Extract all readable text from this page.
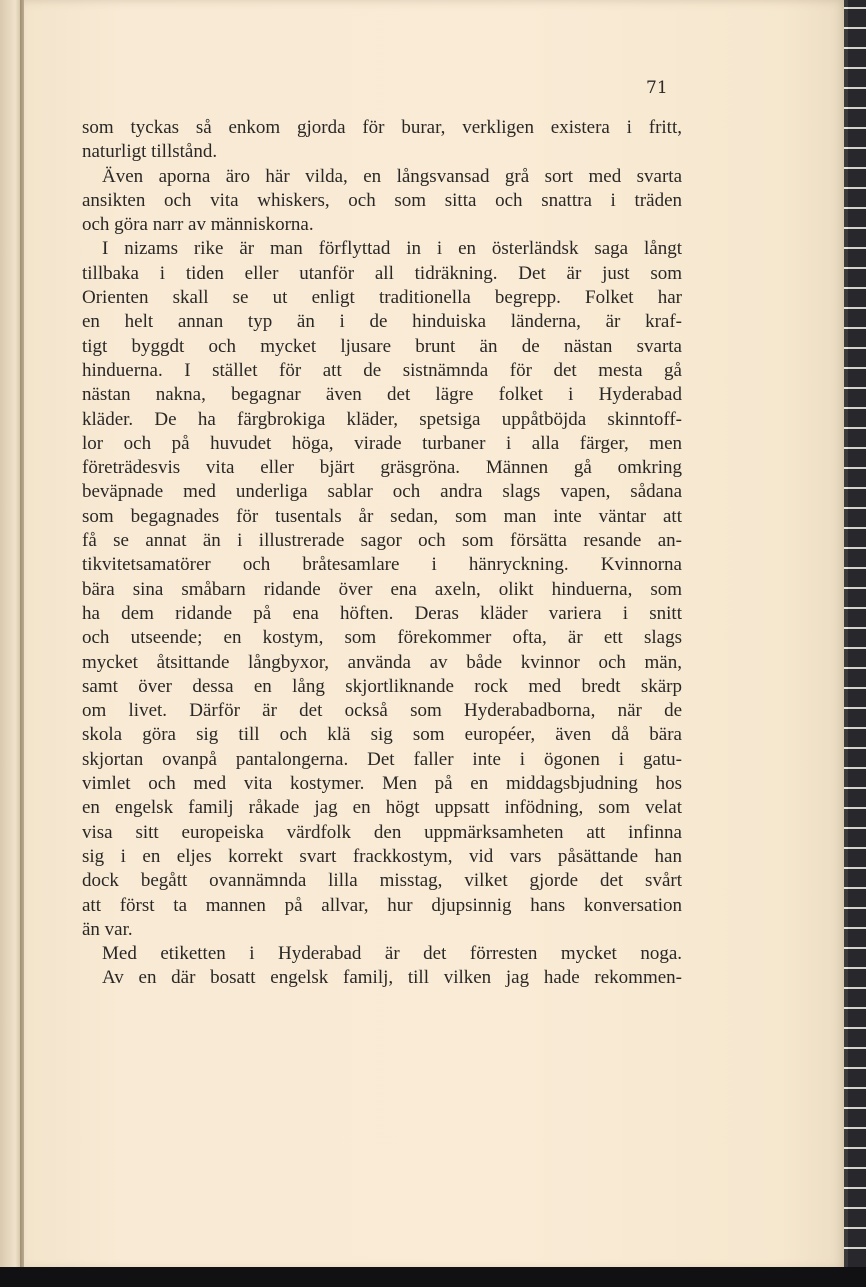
71

som tyckas så enkom gjorda för burar, verkligen existera i fritt,

naturligt tillstånd.

Även aporna äro här vilda, en långsvansad grå sort med svarta

ansikten och vita whiskers, och som sitta och snattra i träden

och göra narr av människorna.

I nizams rike är man förflyttad in i en österländsk saga långt

tillbaka i tiden eller utanför all tidräkning. Det är just som

Orienten skall se ut enligt traditionella begrepp. Folket har

en helt annan typ än i de hinduiska länderna, är kraf-

tigt byggdt och mycket ljusare brunt än de nästan svarta

hinduerna. I stället för att de sistnämnda för det mesta gå

nästan nakna, begagnar även det lägre folket i Hyderabad

kläder. De ha färgbrokiga kläder, spetsiga uppåtböjda skinntoff-

lor och på huvudet höga, virade turbaner i alla färger, men

företrädesvis vita eller bjärt gräsgröna. Männen gå omkring

beväpnade med underliga sablar och andra slags vapen, sådana

som begagnades för tusentals år sedan, som man inte väntar att

få se annat än i illustrerade sagor och som försätta resande an-

tikvitetsamatörer och bråtesamlare i hänryckning. Kvinnorna

bära sina småbarn ridande över ena axeln, olikt hinduerna, som

ha dem ridande på ena höften. Deras kläder variera i snitt

och utseende; en kostym, som förekommer ofta, är ett slags

mycket åtsittande långbyxor, använda av både kvinnor och män,

samt över dessa en lång skjortliknande rock med bredt skärp

om livet. Därför är det också som Hyderabadborna, när de

skola göra sig till och klä sig som européer, även då bära

skjortan ovanpå pantalongerna. Det faller inte i ögonen i gatu-

vimlet och med vita kostymer. Men på en middagsbjudning hos

en engelsk familj råkade jag en högt uppsatt infödning, som velat

visa sitt europeiska värdfolk den uppmärksamheten att infinna

sig i en eljes korrekt svart frackkostym, vid vars påsättande han

dock begått ovannämnda lilla misstag, vilket gjorde det svårt

att först ta mannen på allvar, hur djupsinnig hans konversation

än var.

Med etiketten i Hyderabad är det förresten mycket noga.

Av en där bosatt engelsk familj, till vilken jag hade rekommen-
